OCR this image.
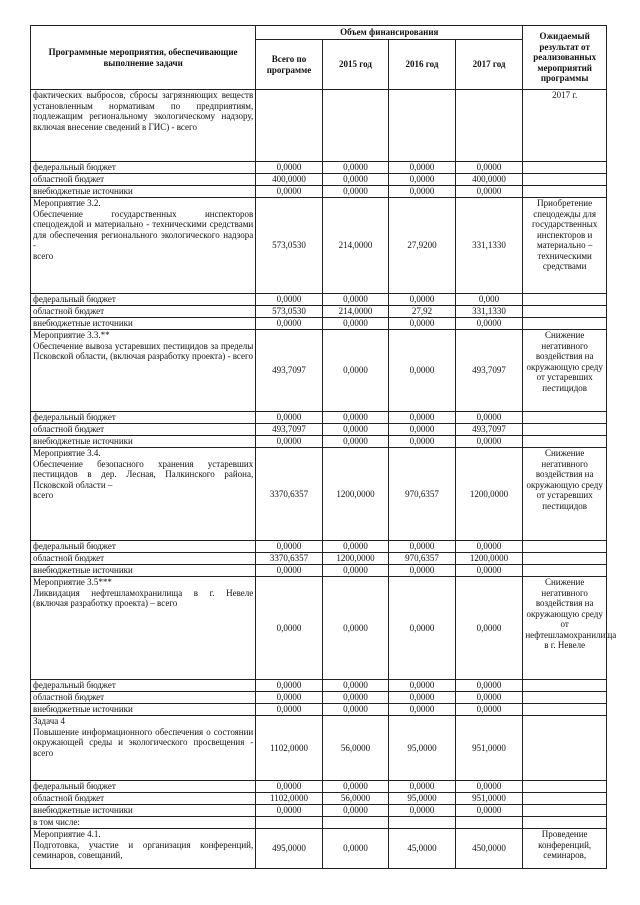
Программные мероприятия, обеспечивающие выполнение задачи	Объем финансирования				Ожидаемый результат от реализованных мероприятий программы
	Всего по программе	2015 год	2016 год	2017 год	
фактических выбросов, сбросы загрязняющих веществ установленным нормативам по предприятиям, подлежащим региональному экологическому надзору, включая внесение сведений в ГИС) - всего					2017 г.
федеральный бюджет	0,0000	0,0000	0,0000	0,0000	
областной бюджет	400,0000	0,0000	0,0000	400,0000	
внебюджетные источники	0,0000	0,0000	0,0000	0,0000	
Мероприятие 3.2.
Обеспечение государственных инспекторов спецодеждой и материально - техническими средствами для обеспечения регионального экологического надзора -
всего	573,0530	214,0000	27,9200	331,1330	Приобретение спецодежды для государственных инспекторов и материально – техническими средствами
федеральный бюджет	0,0000	0,0000	0,0000	0,000	
областной бюджет	573,0530	214,0000	27,92	331,1330	
внебюджетные источники	0,0000	0,0000	0,0000	0,0000	
Мероприятие 3.3.**
Обеспечение вывоза устаревших пестицидов за пределы Псковской области, (включая разработку проекта) - всего	493,7097	0,0000	0,0000	493,7097	Снижение негативного воздействия на окружающую среду от устаревших пестицидов
федеральный бюджет	0,0000	0,0000	0,0000	0,0000	
областной бюджет	493,7097	0,0000	0,0000	493,7097	
внебюджетные источники	0,0000	0,0000	0,0000	0,0000	
Мероприятие 3.4.
Обеспечение безопасного хранения устаревших пестицидов в дер. Лесная, Палкинского района, Псковской области –
всего	3370,6357	1200,0000	970,6357	1200,0000	Снижение негативного воздействия на окружающую среду от устаревших пестицидов
федеральный бюджет	0,0000	0,0000	0,0000	0,0000	
областной бюджет	3370,6357	1200,0000	970,6357	1200,0000	
внебюджетные источники	0,0000	0,0000	0,0000	0,0000	
Мероприятие 3.5***
Ликвидация нефтешламохранилища в г. Невеле (включая разработку проекта) – всего	0,0000	0,0000	0,0000	0,0000	Снижение негативного воздействия на окружающую среду от нефтешламохранилища в г. Невеле
федеральный бюджет	0,0000	0,0000	0,0000	0,0000	
областной бюджет	0,0000	0,0000	0,0000	0,0000	
внебюджетные источники	0,0000	0,0000	0,0000	0,0000	
Задача 4
Повышение информационного обеспечения о состоянии окружающей среды и экологического просвещения - всего	1102,0000	56,0000	95,0000	951,0000	
федеральный бюджет	0,0000	0,0000	0,0000	0,0000	
областной бюджет	1102,0000	56,0000	95,0000	951,0000	
внебюджетные источники	0,0000	0,0000	0,0000	0,0000	
в том числе:					
Мероприятие 4.1.
Подготовка, участие и организация конференций, семинаров, совещаний,	495,0000	0,0000	45,0000	450,0000	Проведение конференций, семинаров,
